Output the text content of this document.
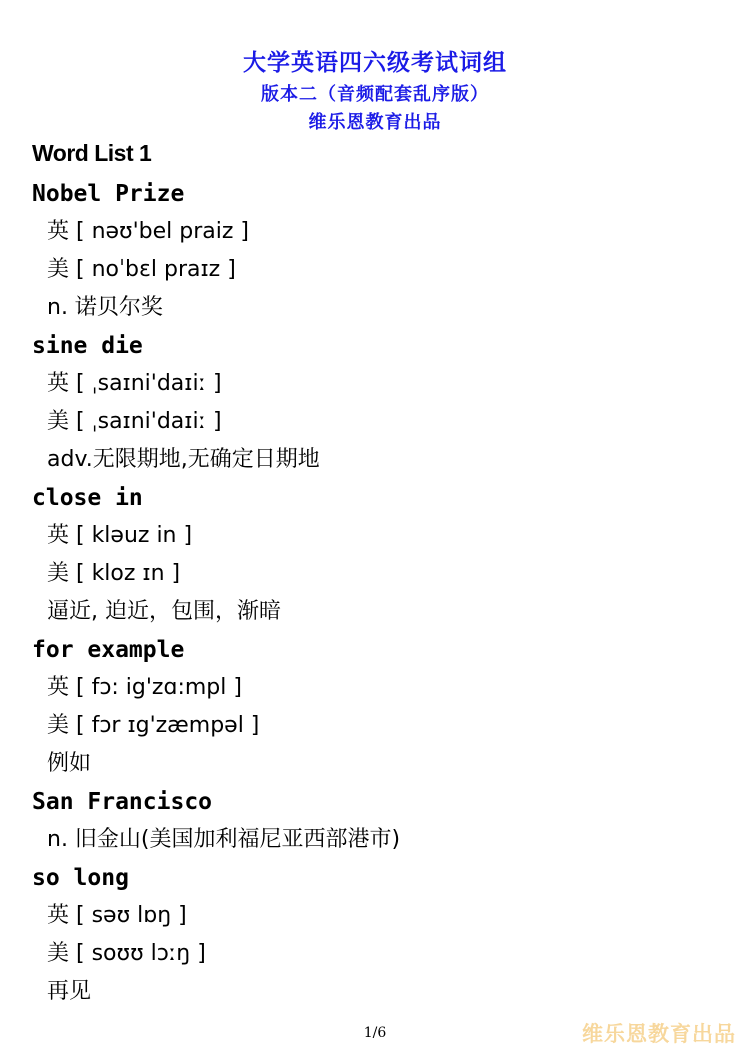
大学英语四六级考试词组
版本二（音频配套乱序版）
维乐恩教育出品
Word List 1
Nobel Prize
英 [ nəʊ'bel praiz ]
美 [ noˈbɛl praɪz ]
n. 诺贝尔奖
sine die
英 [ ˌsaɪni'daɪiː ]
美 [ ˌsaɪni'daɪiː ]
adv.无限期地,无确定日期地
close in
英 [ kləuz in ]
美 [ kloz ɪn ]
逼近, 迫近，包围，渐暗
for example
英 [ fɔ: ig'zɑ:mpl ]
美 [ fɔr ɪg'zæmpəl ]
例如
San Francisco
n. 旧金山(美国加利福尼亚西部港市)
so long
英 [ səʊ lɒŋ ]
美 [ soʊʊ lɔːŋ ]
再见
1/6	维乐恩教育出品
